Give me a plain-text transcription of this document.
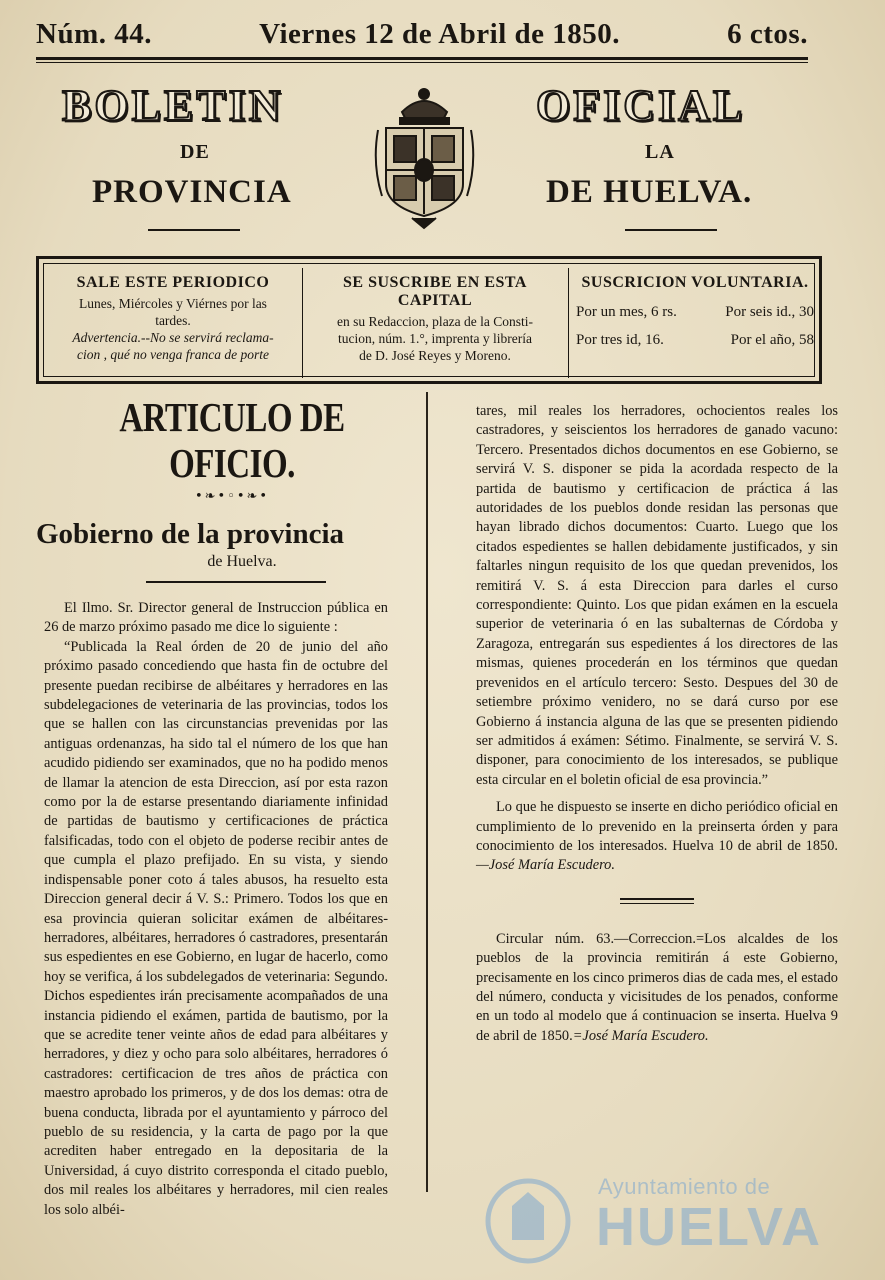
Núm. 44.	Viernes 12 de Abril de 1850.	6 ctos.
BOLETIN	OFICIAL
DE	LA
PROVINCIA	DE HUELVA.
SALE ESTE PERIODICO
Lunes, Miércoles y Viérnes por las
tardes.
Advertencia.--No se servirá reclama-
cion , qué no venga franca de porte
SE SUSCRIBE EN ESTA CAPITAL
en su Redaccion, plaza de la Consti-
tucion, núm. 1.°, imprenta y librería
de D. José Reyes y Moreno.
SUSCRICION VOLUNTARIA.
Por un mes, 6 rs.	Por seis id., 30
Por tres id, 16.	Por el año, 58
ARTICULO DE OFICIO.
•❧•◦•❧•
Gobierno de la provincia
de Huelva.

El Ilmo. Sr. Director general de Instruccion pública en 26 de marzo próximo pasado me dice lo siguiente :

“Publicada la Real órden de 20 de junio del año próximo pasado concediendo que hasta fin de octubre del presente puedan recibirse de albéitares y herradores en las subdelegaciones de veterinaria de las provincias, todos los que se hallen con las circunstancias prevenidas por las antiguas ordenanzas, ha sido tal el número de los que han acudido pidiendo ser examinados, que no ha podido menos de llamar la atencion de esta Direccion, así por esta razon como por la de estarse presentando diariamente infinidad de partidas de bautismo y certificaciones de práctica falsificadas, todo con el objeto de poderse recibir antes de que cumpla el plazo prefijado. En su vista, y siendo indispensable poner coto á tales abusos, ha resuelto esta Direccion general decir á V. S.: Primero. Todos los que en esa provincia quieran solicitar exámen de albéitares-herradores, albéitares, herradores ó castradores, presentarán sus espedientes en ese Gobierno, en lugar de hacerlo, como hoy se verifica, á los subdelegados de veterinaria: Segundo. Dichos espedientes irán precisamente acompañados de una instancia pidiendo el exámen, partida de bautismo, por la que se acredite tener veinte años de edad para albéitares y herradores, y diez y ocho para solo albéitares, herradores ó castradores: certificacion de tres años de práctica con maestro aprobado los primeros, y de dos los demas: otra de buena conducta, librada por el ayuntamiento y párroco del pueblo de su residencia, y la carta de pago por la que acrediten haber entregado en la depositaria de la Universidad, á cuyo distrito corresponda el citado pueblo, dos mil reales los albéitares y herradores, mil cien reales los solo albéi-

tares, mil reales los herradores, ochocientos reales los castradores, y seiscientos los herradores de ganado vacuno: Tercero. Presentados dichos documentos en ese Gobierno, se servirá V. S. disponer se pida la acordada respecto de la partida de bautismo y certificacion de práctica á las autoridades de los pueblos donde residan las personas que hayan librado dichos documentos: Cuarto. Luego que los citados espedientes se hallen debidamente justificados, y sin faltarles ningun requisito de los que quedan prevenidos, los remitirá V. S. á esta Direccion para darles el curso correspondiente: Quinto. Los que pidan exámen en la escuela superior de veterinaria ó en las subalternas de Córdoba y Zaragoza, entregarán sus espedientes á los directores de las mismas, quienes procederán en los términos que quedan prevenidos en el artículo tercero: Sesto. Despues del 30 de setiembre próximo venidero, no se dará curso por ese Gobierno á instancia alguna de las que se presenten pidiendo ser admitidos á exámen: Sétimo. Finalmente, se servirá V. S. disponer, para conocimiento de los interesados, se publique esta circular en el boletin oficial de esa provincia.”

Lo que he dispuesto se inserte en dicho periódico oficial en cumplimiento de lo prevenido en la preinserta órden y para conocimiento de los interesados. Huelva 10 de abril de 1850.—José María Escudero.

Circular núm. 63.—Correccion.=Los alcaldes de los pueblos de la provincia remitirán á este Gobierno, precisamente en los cinco primeros dias de cada mes, el estado del número, conducta y vicisitudes de los penados, conforme en un todo al modelo que á continuacion se inserta. Huelva 9 de abril de 1850.=José María Escudero.

Ayuntamiento de
HUELVA
